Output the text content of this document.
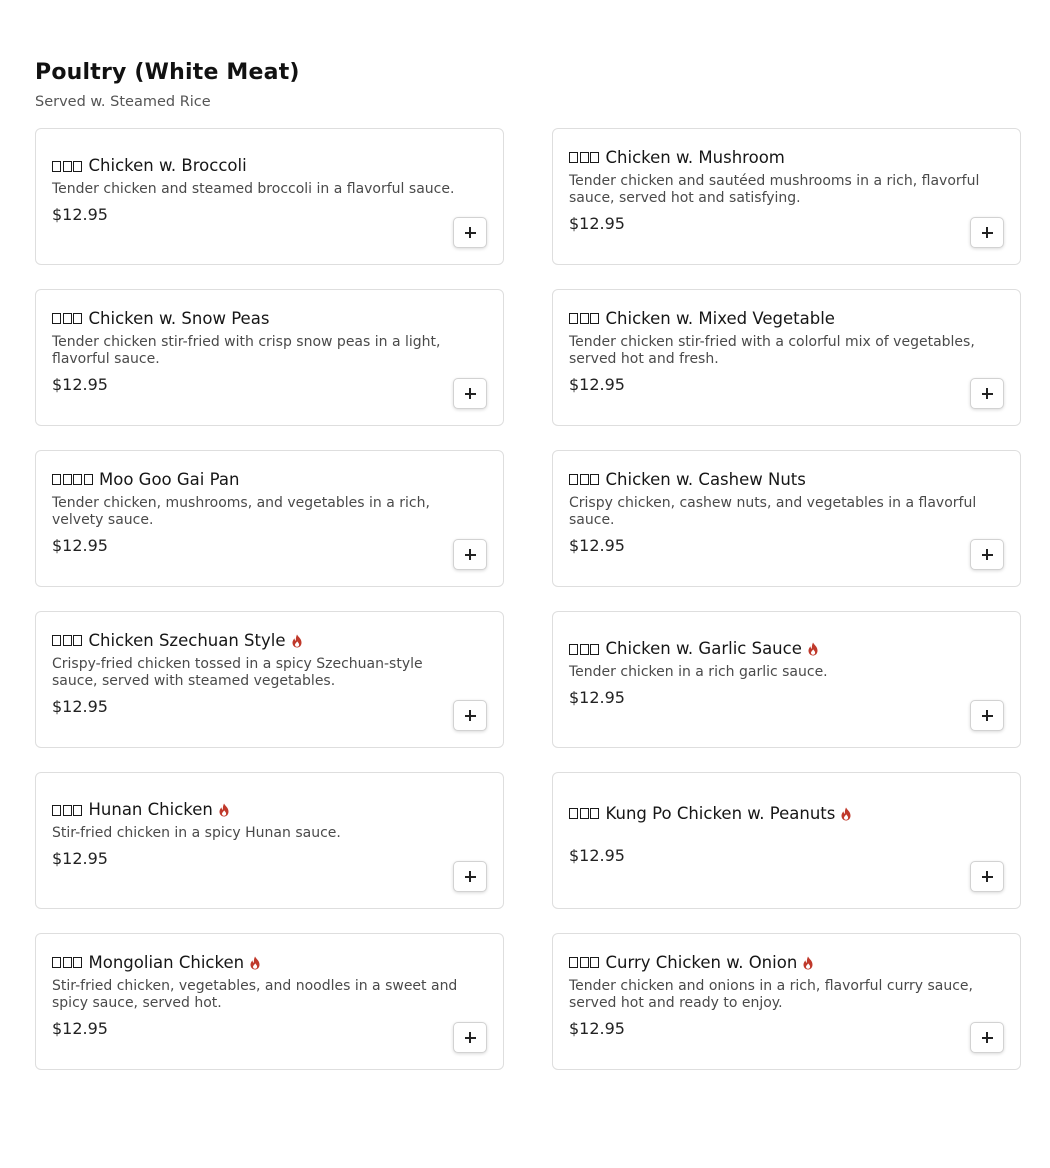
Poultry (White Meat)

Served w. Steamed Rice

Chicken w. Broccoli
Tender chicken and steamed broccoli in a flavorful sauce.
$12.95
Chicken w. Mushroom
Tender chicken and sautéed mushrooms in a rich, flavorful sauce, served hot and satisfying.
$12.95
Chicken w. Snow Peas
Tender chicken stir-fried with crisp snow peas in a light, flavorful sauce.
$12.95
Chicken w. Mixed Vegetable
Tender chicken stir-fried with a colorful mix of vegetables, served hot and fresh.
$12.95
Moo Goo Gai Pan
Tender chicken, mushrooms, and vegetables in a rich, velvety sauce.
$12.95
Chicken w. Cashew Nuts
Crispy chicken, cashew nuts, and vegetables in a flavorful sauce.
$12.95
Chicken Szechuan Style
Crispy-fried chicken tossed in a spicy Szechuan-style sauce, served with steamed vegetables.
$12.95
Chicken w. Garlic Sauce
Tender chicken in a rich garlic sauce.
$12.95
Hunan Chicken
Stir-fried chicken in a spicy Hunan sauce.
$12.95
Kung Po Chicken w. Peanuts
$12.95
Mongolian Chicken
Stir-fried chicken, vegetables, and noodles in a sweet and spicy sauce, served hot.
$12.95
Curry Chicken w. Onion
Tender chicken and onions in a rich, flavorful curry sauce, served hot and ready to enjoy.
$12.95
